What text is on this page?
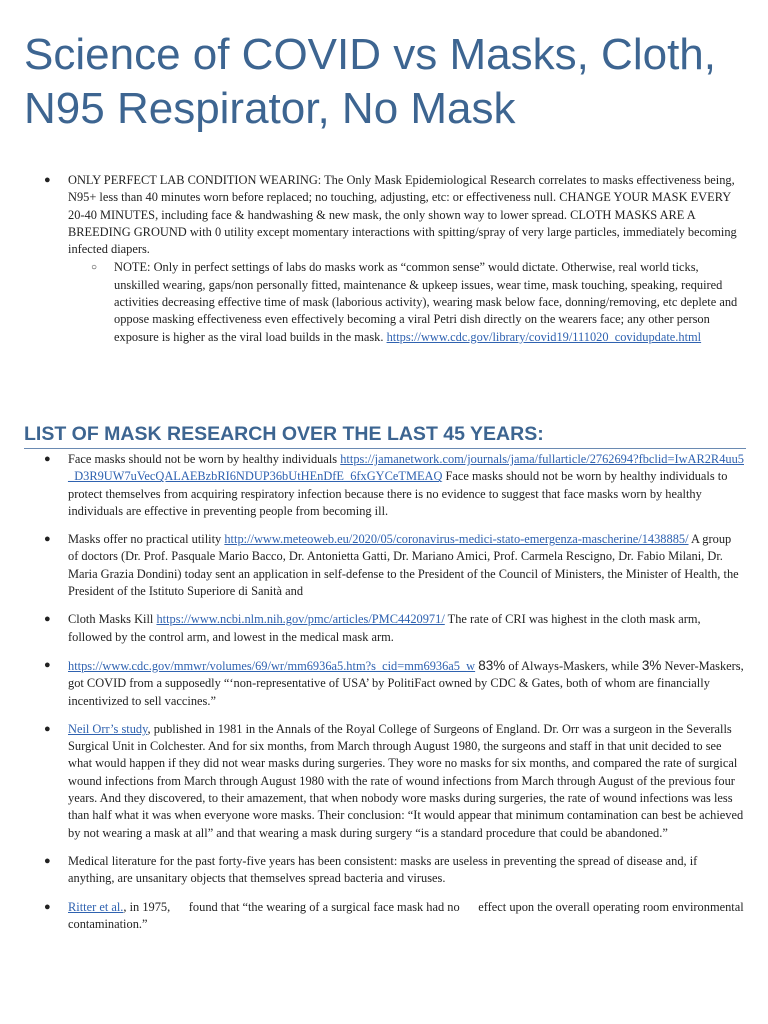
Science of COVID vs Masks, Cloth, N95 Respirator, No Mask
● ONLY PERFECT LAB CONDITION WEARING: The Only Mask Epidemiological Research correlates to masks effectiveness being, N95+ less than 40 minutes worn before replaced; no touching, adjusting, etc: or effectiveness null. CHANGE YOUR MASK EVERY 20-40 MINUTES, including face & handwashing & new mask, the only shown way to lower spread. CLOTH MASKS ARE A BREEDING GROUND with 0 utility except momentary interactions with spitting/spray of very large particles, immediately becoming infected diapers.
○ NOTE: Only in perfect settings of labs do masks work as “common sense” would dictate. Otherwise, real world ticks, unskilled wearing, gaps/non personally fitted, maintenance & upkeep issues, wear time, mask touching, speaking, required activities decreasing effective time of mask (laborious activity), wearing mask below face, donning/removing, etc deplete and oppose masking effectiveness even effectively becoming a viral Petri dish directly on the wearers face; any other person exposure is higher as the viral load builds in the mask. https://www.cdc.gov/library/covid19/111020_covidupdate.html
LIST OF MASK RESEARCH OVER THE LAST 45 YEARS:
● Face masks should not be worn by healthy individuals https://jamanetwork.com/journals/jama/fullarticle/2762694?fbclid=IwAR2R4uu5_D3R9UW7uVecQALAEBzbRI6NDUP36bUtHEnDfE_6fxGYCeTMEAQ Face masks should not be worn by healthy individuals to protect themselves from acquiring respiratory infection because there is no evidence to suggest that face masks worn by healthy individuals are effective in preventing people from becoming ill.
● Masks offer no practical utility http://www.meteoweb.eu/2020/05/coronavirus-medici-stato-emergenza-mascherine/1438885/ A group of doctors (Dr. Prof. Pasquale Mario Bacco, Dr. Antonietta Gatti, Dr. Mariano Amici, Prof. Carmela Rescigno, Dr. Fabio Milani, Dr. Maria Grazia Dondini) today sent an application in self-defense to the President of the Council of Ministers, the Minister of Health, the President of the Istituto Superiore di Sanità and
● Cloth Masks Kill https://www.ncbi.nlm.nih.gov/pmc/articles/PMC4420971/ The rate of CRI was highest in the cloth mask arm, followed by the control arm, and lowest in the medical mask arm.
● https://www.cdc.gov/mmwr/volumes/69/wr/mm6936a5.htm?s_cid=mm6936a5_w 83% of Always-Maskers, while 3% Never-Maskers, got COVID from a supposedly “‘non-representative of USA’ by PolitiFact owned by CDC & Gates, both of whom are financially incentivized to sell vaccines.”
● Neil Orr’s study, published in 1981 in the Annals of the Royal College of Surgeons of England. Dr. Orr was a surgeon in the Severalls Surgical Unit in Colchester. And for six months, from March through August 1980, the surgeons and staff in that unit decided to see what would happen if they did not wear masks during surgeries. They wore no masks for six months, and compared the rate of surgical wound infections from March through August 1980 with the rate of wound infections from March through August of the previous four years. And they discovered, to their amazement, that when nobody wore masks during surgeries, the rate of wound infections was less than half what it was when everyone wore masks. Their conclusion: “It would appear that minimum contamination can best be achieved by not wearing a mask at all” and that wearing a mask during surgery “is a standard procedure that could be abandoned.”
● Medical literature for the past forty-five years has been consistent: masks are useless in preventing the spread of disease and, if anything, are unsanitary objects that themselves spread bacteria and viruses.
● Ritter et al., in 1975,      found that “the wearing of a surgical face mask had no      effect upon the overall operating room environmental contamination.”
